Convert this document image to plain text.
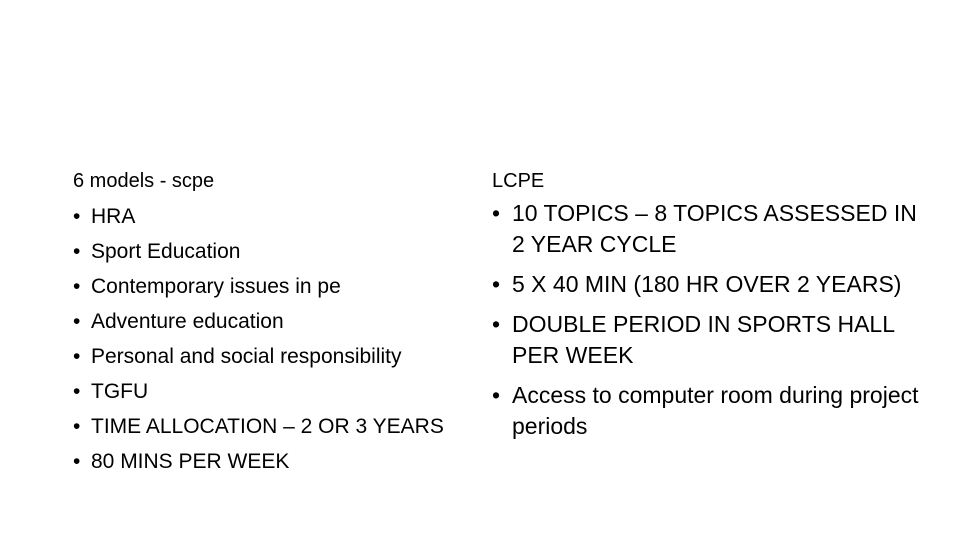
6 models - scpe
• HRA
• Sport Education
• Contemporary issues in pe
• Adventure education
• Personal and social responsibility
• TGFU
• TIME ALLOCATION – 2 OR 3 YEARS
• 80 MINS PER WEEK
LCPE
• 10 TOPICS – 8 TOPICS ASSESSED IN 2 YEAR CYCLE
• 5 X 40 MIN (180 HR OVER 2 YEARS)
• DOUBLE PERIOD IN SPORTS HALL PER WEEK
• Access to computer room during project periods
